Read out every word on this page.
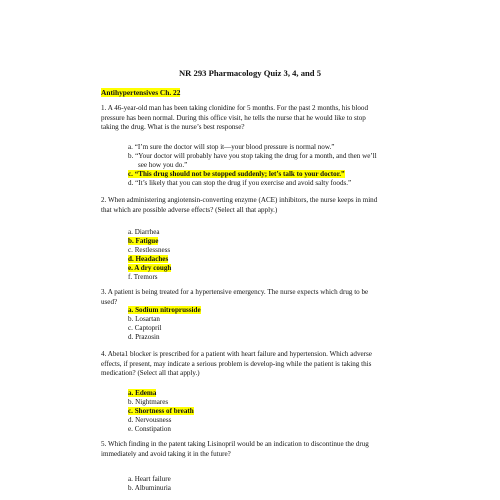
NR 293 Pharmacology Quiz 3, 4, and 5
Antihypertensives Ch. 22
1. A 46-year-old man has been taking clonidine for 5 months. For the past 2 months, his blood
pressure has been normal. During this office visit, he tells the nurse that he would like to stop
taking the drug. What is the nurse’s best response?
a. “I’m sure the doctor will stop it—your blood pressure is normal now.”
b. “Your doctor will probably have you stop taking the drug for a month, and then we’ll
see how you do.”
c. “This drug should not be stopped suddenly; let’s talk to your doctor.”
d. “It’s likely that you can stop the drug if you exercise and avoid salty foods.”
2. When administering angiotensin-converting enzyme (ACE) inhibitors, the nurse keeps in mind
that which are possible adverse effects? (Select all that apply.)
a. Diarrhea
b. Fatigue
c. Restlessness
d. Headaches
e. A dry cough
f. Tremors
3. A patient is being treated for a hypertensive emergency. The nurse expects which drug to be
used?
a. Sodium nitroprusside
b. Losartan
c. Captopril
d. Prazosin
4. Abeta1 blocker is prescribed for a patient with heart failure and hypertension. Which adverse
effects, if present, may indicate a serious problem is develop-ing while the patient is taking this
medication? (Select all that apply.)
a. Edema
b. Nightmares
c. Shortness of breath
d. Nervousness
e. Constipation
5. Which finding in the patent taking Lisinopril would be an indication to discontinue the drug
immediately and avoid taking it in the future?
a. Heart failure
b. Albuminuria
